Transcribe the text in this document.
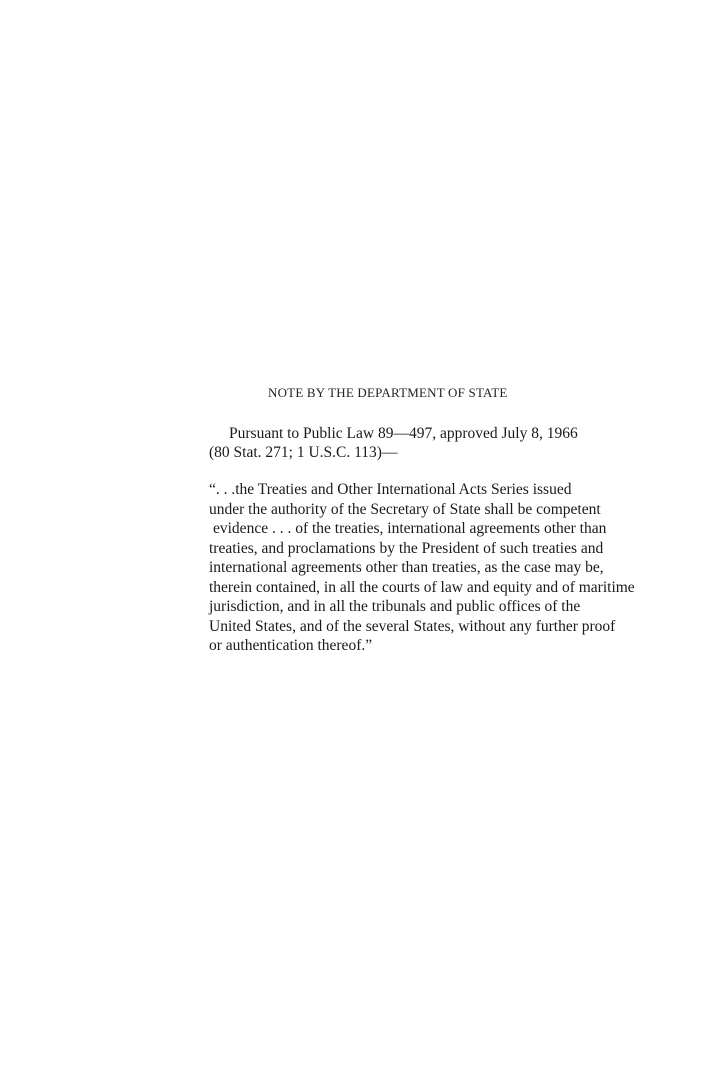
NOTE BY THE DEPARTMENT OF STATE
Pursuant to Public Law 89—497, approved July 8, 1966
(80 Stat. 271; 1 U.S.C. 113)—
“. . .the Treaties and Other International Acts Series issued
under the authority of the Secretary of State shall be competent
evidence . . . of the treaties, international agreements other than
treaties, and proclamations by the President of such treaties and
international agreements other than treaties, as the case may be,
therein contained, in all the courts of law and equity and of maritime
jurisdiction, and in all the tribunals and public offices of the
United States, and of the several States, without any further proof
or authentication thereof.”
